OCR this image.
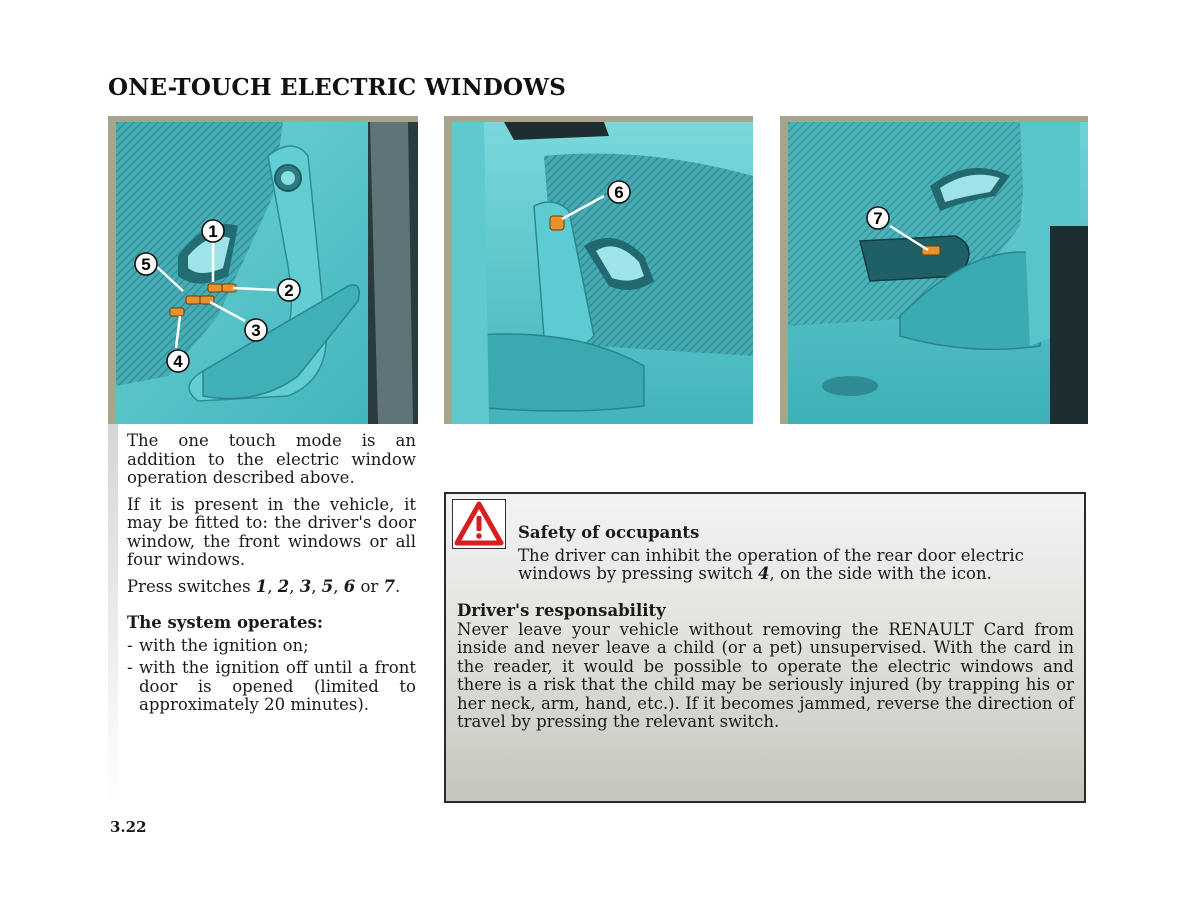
ONE-TOUCH ELECTRIC WINDOWS
1
5
2
3
4
6
7

The one touch mode is an addition to the electric window operation described above.

If it is present in the vehicle, it may be fitted to: the driver's door window, the front windows or all four windows.

Press switches 1, 2, 3, 5, 6 or 7.

The system operates:

- with the ignition on;
- with the ignition off until a front door is opened (limited to approximately 20 minutes).
Safety of occupants
The driver can inhibit the operation of the rear door electric windows by pressing switch 4, on the side with the icon.
Driver's responsability
Never leave your vehicle without removing the RENAULT Card from inside and never leave a child (or a pet) unsupervised. With the card in the reader, it would be possible to operate the electric windows and there is a risk that the child may be seriously injured (by trapping his or her neck, arm, hand, etc.). If it becomes jammed, reverse the direction of travel by pressing the relevant switch.
3.22
